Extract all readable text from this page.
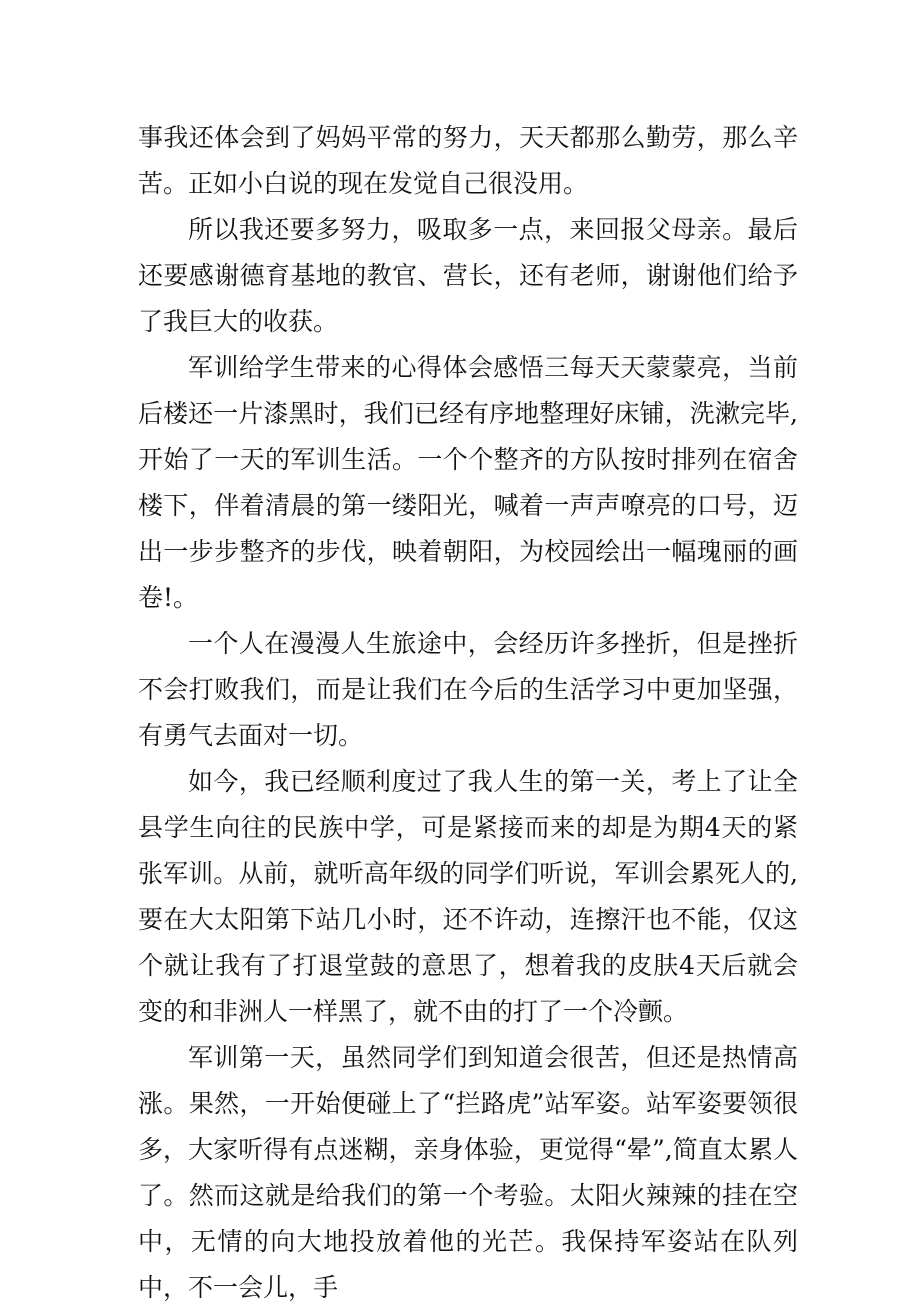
事我还体会到了妈妈平常的努力，天天都那么勤劳，那么辛苦。正如小白说的现在发觉自己很没用。

所以我还要多努力，吸取多一点，来回报父母亲。最后还要感谢德育基地的教官、营长，还有老师，谢谢他们给予了我巨大的收获。

军训给学生带来的心得体会感悟三每天天蒙蒙亮，当前后楼还一片漆黑时，我们已经有序地整理好床铺，洗漱完毕,开始了一天的军训生活。一个个整齐的方队按时排列在宿舍楼下，伴着清晨的第一缕阳光，喊着一声声嘹亮的口号，迈出一步步整齐的步伐，映着朝阳，为校园绘出一幅瑰丽的画卷!。

一个人在漫漫人生旅途中，会经历许多挫折，但是挫折不会打败我们，而是让我们在今后的生活学习中更加坚强，有勇气去面对一切。

如今，我已经顺利度过了我人生的第一关，考上了让全县学生向往的民族中学，可是紧接而来的却是为期4天的紧张军训。从前，就听高年级的同学们听说，军训会累死人的,要在大太阳第下站几小时，还不许动，连擦汗也不能，仅这个就让我有了打退堂鼓的意思了，想着我的皮肤4天后就会变的和非洲人一样黑了，就不由的打了一个冷颤。

军训第一天，虽然同学们到知道会很苦，但还是热情高涨。果然，一开始便碰上了“拦路虎”站军姿。站军姿要领很多，大家听得有点迷糊，亲身体验，更觉得“晕”,简直太累人了。然而这就是给我们的第一个考验。太阳火辣辣的挂在空中，无情的向大地投放着他的光芒。我保持军姿站在队列中，不一会儿，手
